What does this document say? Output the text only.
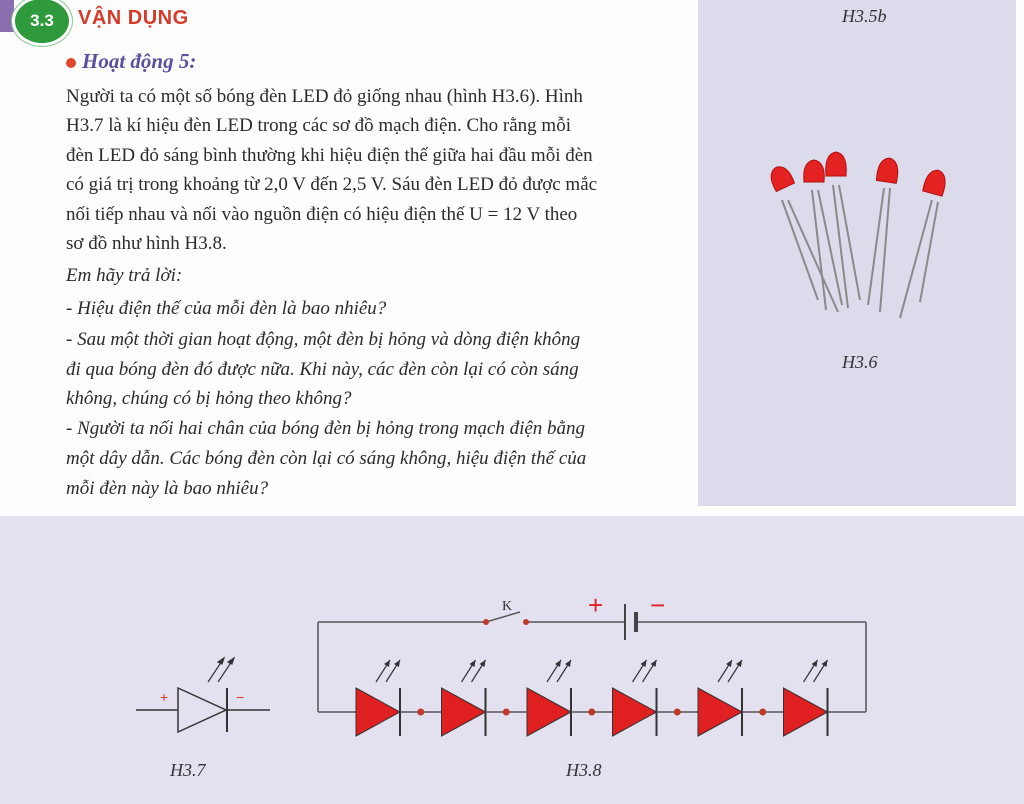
3.3	VẬN DỤNG	H3.5b
Hoạt động 5:
Người ta có một số bóng đèn LED đỏ giống nhau (hình H3.6). Hình
H3.7 là kí hiệu đèn LED trong các sơ đồ mạch điện. Cho rằng mỗi
đèn LED đỏ sáng bình thường khi hiệu điện thế giữa hai đầu mỗi đèn
có giá trị trong khoảng từ 2,0 V đến 2,5 V. Sáu đèn LED đỏ được mắc
nối tiếp nhau và nối vào nguồn điện có hiệu điện thế U = 12 V theo
sơ đồ như hình H3.8.
Em hãy trả lời:
- Hiệu điện thế của mỗi đèn là bao nhiêu?
- Sau một thời gian hoạt động, một đèn bị hỏng và dòng điện không
đi qua bóng đèn đó được nữa. Khi này, các đèn còn lại có còn sáng
không, chúng có bị hỏng theo không?
- Người ta nối hai chân của bóng đèn bị hỏng trong mạch điện bằng
một dây dẫn. Các bóng đèn còn lại có sáng không, hiệu điện thế của
mỗi đèn này là bao nhiêu?
H3.6
+	−
H3.7
K	+ −
H3.8
